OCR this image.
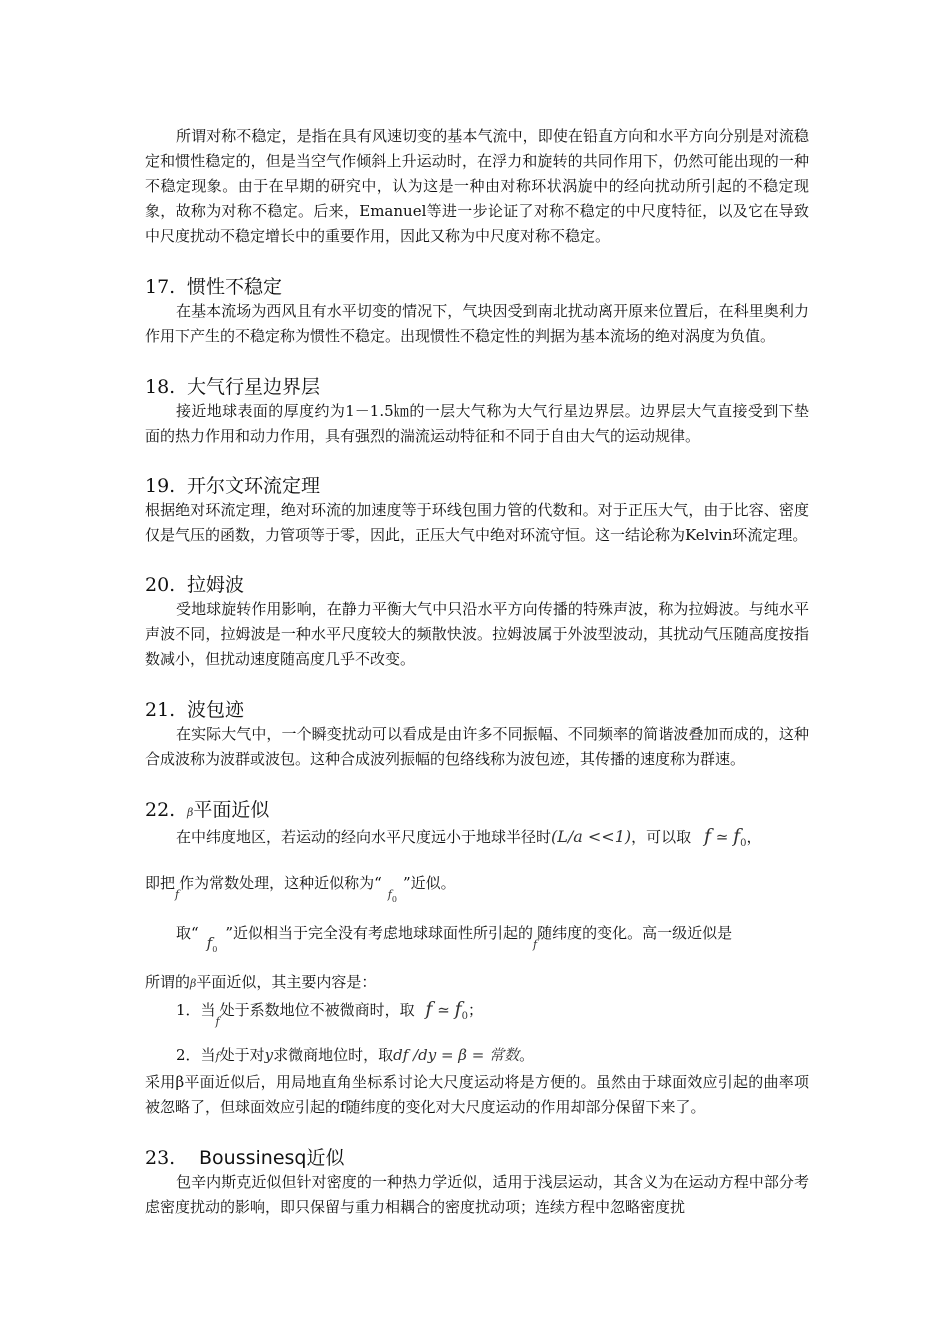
所谓对称不稳定，是指在具有风速切变的基本气流中，即使在铅直方向和水平方向分别是对流稳定和惯性稳定的，但是当空气作倾斜上升运动时，在浮力和旋转的共同作用下，仍然可能出现的一种不稳定现象。由于在早期的研究中，认为这是一种由对称环状涡旋中的经向扰动所引起的不稳定现象，故称为对称不稳定。后来，Emanuel等进一步论证了对称不稳定的中尺度特征，以及它在导致中尺度扰动不稳定增长中的重要作用，因此又称为中尺度对称不稳定。

17. 惯性不稳定

在基本流场为西风且有水平切变的情况下，气块因受到南北扰动离开原来位置后，在科里奥利力作用下产生的不稳定称为惯性不稳定。出现惯性不稳定性的判据为基本流场的绝对涡度为负值。

18. 大气行星边界层

接近地球表面的厚度约为1－1.5㎞的一层大气称为大气行星边界层。边界层大气直接受到下垫面的热力作用和动力作用，具有强烈的湍流运动特征和不同于自由大气的运动规律。

19. 开尔文环流定理

根据绝对环流定理，绝对环流的加速度等于环线包围力管的代数和。对于正压大气，由于比容、密度仅是气压的函数，力管项等于零，因此，正压大气中绝对环流守恒。这一结论称为Kelvin环流定理。

20. 拉姆波

受地球旋转作用影响，在静力平衡大气中只沿水平方向传播的特殊声波，称为拉姆波。与纯水平声波不同，拉姆波是一种水平尺度较大的频散快波。拉姆波属于外波型波动，其扰动气压随高度按指数减小，但扰动速度随高度几乎不改变。

21. 波包迹

在实际大气中，一个瞬变扰动可以看成是由许多不同振幅、不同频率的简谐波叠加而成的，这种合成波称为波群或波包。这种合成波列振幅的包络线称为波包迹，其传播的速度称为群速。

22. β平面近似
在中纬度地区，若运动的经向水平尺度远小于地球半径时(L/a <<1)，可以取 f ≃ $f_0$，
即把$_f$作为常数处理，这种近似称为“$f_0$”近似。
取“$f_0$”近似相当于完全没有考虑地球球面性所引起的$_f$随纬度的变化。高一级近似是
所谓的β平面近似，其主要内容是：
1．当$_f$处于系数地位不被微商时，取 f ≃ $f_0$；
2．当f处于对y求微商地位时，取df /dy = β = 常数。

采用β平面近似后，用局地直角坐标系讨论大尺度运动将是方便的。虽然由于球面效应引起的曲率项被忽略了，但球面效应引起的f随纬度的变化对大尺度运动的作用却部分保留下来了。

23. Boussinesq近似

包辛内斯克近似但针对密度的一种热力学近似，适用于浅层运动，其含义为在运动方程中部分考虑密度扰动的影响，即只保留与重力相耦合的密度扰动项；连续方程中忽略密度扰
